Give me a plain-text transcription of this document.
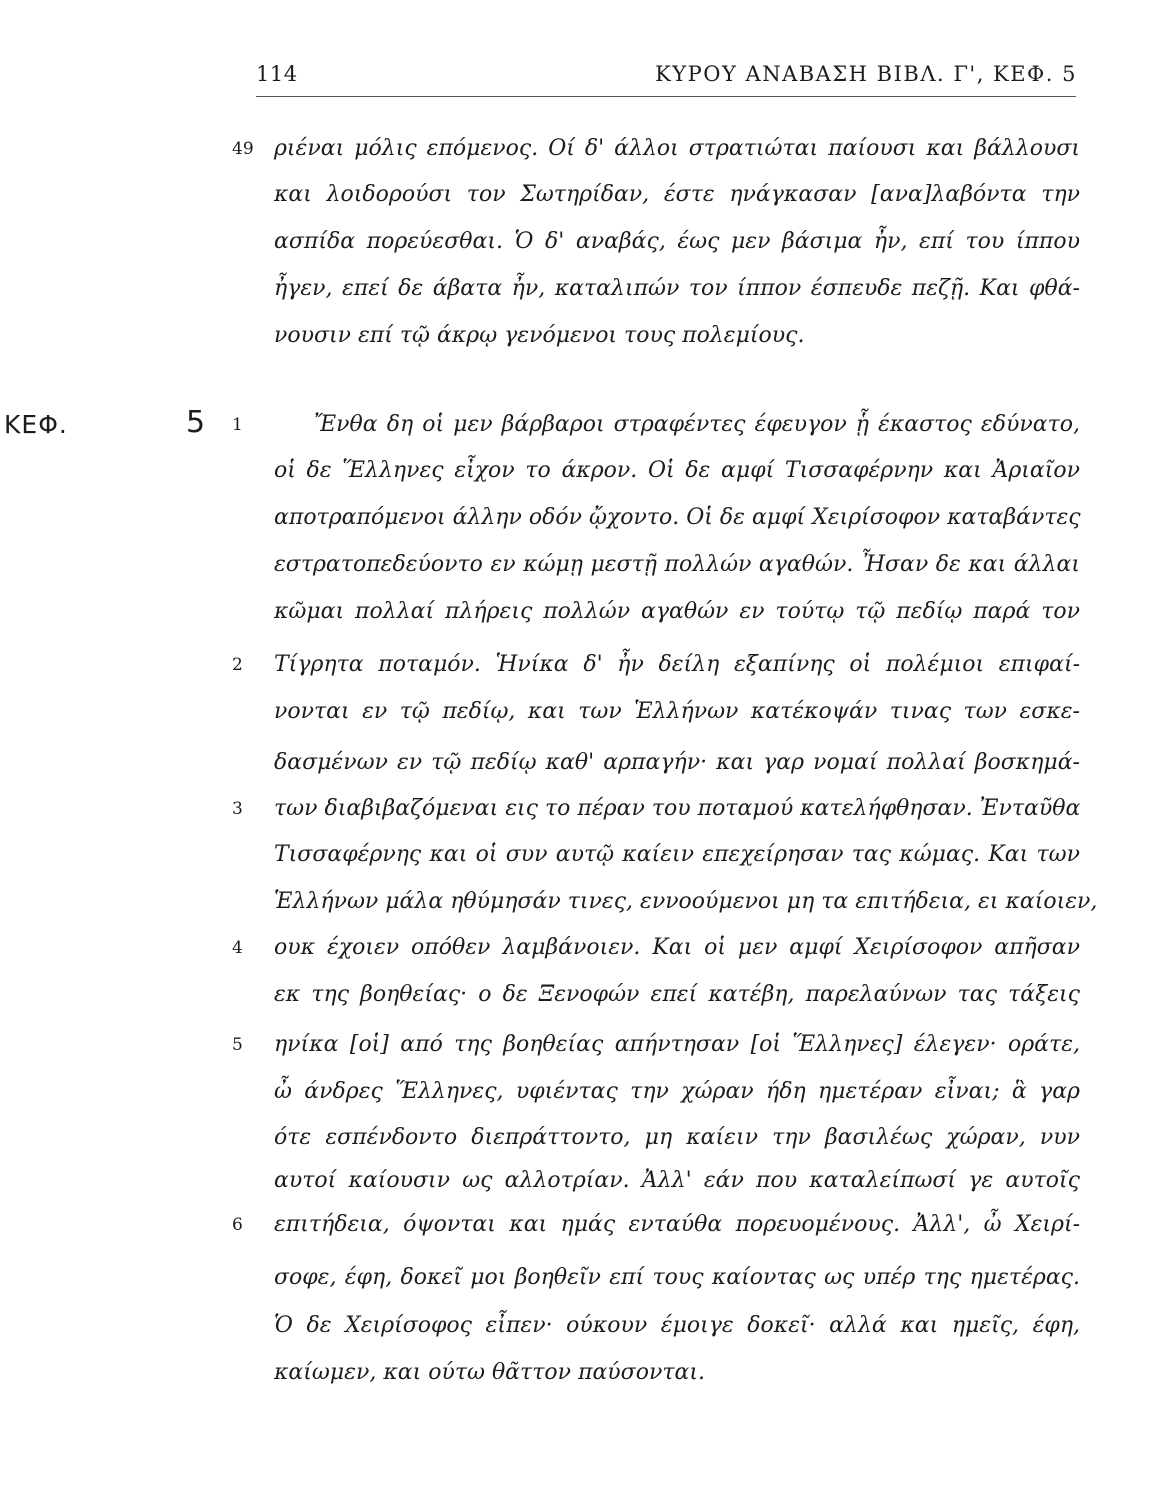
114	ΚΥΡΟΥ ΑΝΑΒΑΣΗ ΒΙΒΛ. Γ', ΚΕΦ. 5
ΚΕΦ.	5
49
1
2
3
4
5
6
ριέναι μόλις επόμενος. Οί δ' άλλοι στρατιώται παίουσι και βάλλουσι
και λοιδορούσι τον Σωτηρίδαν, έστε ηνάγκασαν [ανα]λαβόντα την
ασπίδα πορεύεσθαι. Ὁ δ' αναβάς, έως μεν βάσιμα ἦν, επί του ίππου
ἦγεν, επεί δε άβατα ἦν, καταλιπών τον ίππον έσπευδε πεζῇ. Και φθά-
νουσιν επί τῷ άκρῳ γενόμενοι τους πολεμίους.
Ἔνθα δη οἱ μεν βάρβαροι στραφέντες έφευγον ᾗ έκαστος εδύνατο,
οἱ δε Ἕλληνες εἶχον το άκρον. Οἱ δε αμφί Τισσαφέρνην και Ἀριαῖον
αποτραπόμενοι άλλην οδόν ᾤχοντο. Οἱ δε αμφί Χειρίσοφον καταβάντες
εστρατοπεδεύοντο εν κώμῃ μεστῇ πολλών αγαθών. Ἦσαν δε και άλλαι
κῶμαι πολλαί πλήρεις πολλών αγαθών εν τούτῳ τῷ πεδίῳ παρά τον
Τίγρητα ποταμόν. Ἡνίκα δ' ἦν δείλη εξαπίνης οἱ πολέμιοι επιφαί-
νονται εν τῷ πεδίῳ, και των Ἑλλήνων κατέκοψάν τινας των εσκε-
δασμένων εν τῷ πεδίῳ καθ' αρπαγήν· και γαρ νομαί πολλαί βοσκημά-
των διαβιβαζόμεναι εις το πέραν του ποταμού κατελήφθησαν. Ἐνταῦθα
Τισσαφέρνης και οἱ συν αυτῷ καίειν επεχείρησαν τας κώμας. Και των
Ἑλλήνων μάλα ηθύμησάν τινες, εννοούμενοι μη τα επιτήδεια, ει καίοιεν,
ουκ έχοιεν οπόθεν λαμβάνοιεν. Και οἱ μεν αμφί Χειρίσοφον απῆσαν
εκ της βοηθείας· ο δε Ξενοφών επεί κατέβη, παρελαύνων τας τάξεις
ηνίκα [οἱ] από της βοηθείας απήντησαν [οἱ Ἕλληνες] έλεγεν· οράτε,
ὦ άνδρες Ἕλληνες, υφιέντας την χώραν ήδη ημετέραν εἶναι; ἃ γαρ
ότε εσπένδοντο διεπράττοντο, μη καίειν την βασιλέως χώραν, νυν
αυτοί καίουσιν ως αλλοτρίαν. Ἀλλ' εάν που καταλείπωσί γε αυτοῖς
επιτήδεια, όψονται και ημάς ενταύθα πορευομένους. Ἀλλ', ὦ Χειρί-
σοφε, έφη, δοκεῖ μοι βοηθεῖν επί τους καίοντας ως υπέρ της ημετέρας.
Ὁ δε Χειρίσοφος εἶπεν· ούκουν έμοιγε δοκεῖ· αλλά και ημεῖς, έφη,
καίωμεν, και ούτω θᾶττον παύσονται.
